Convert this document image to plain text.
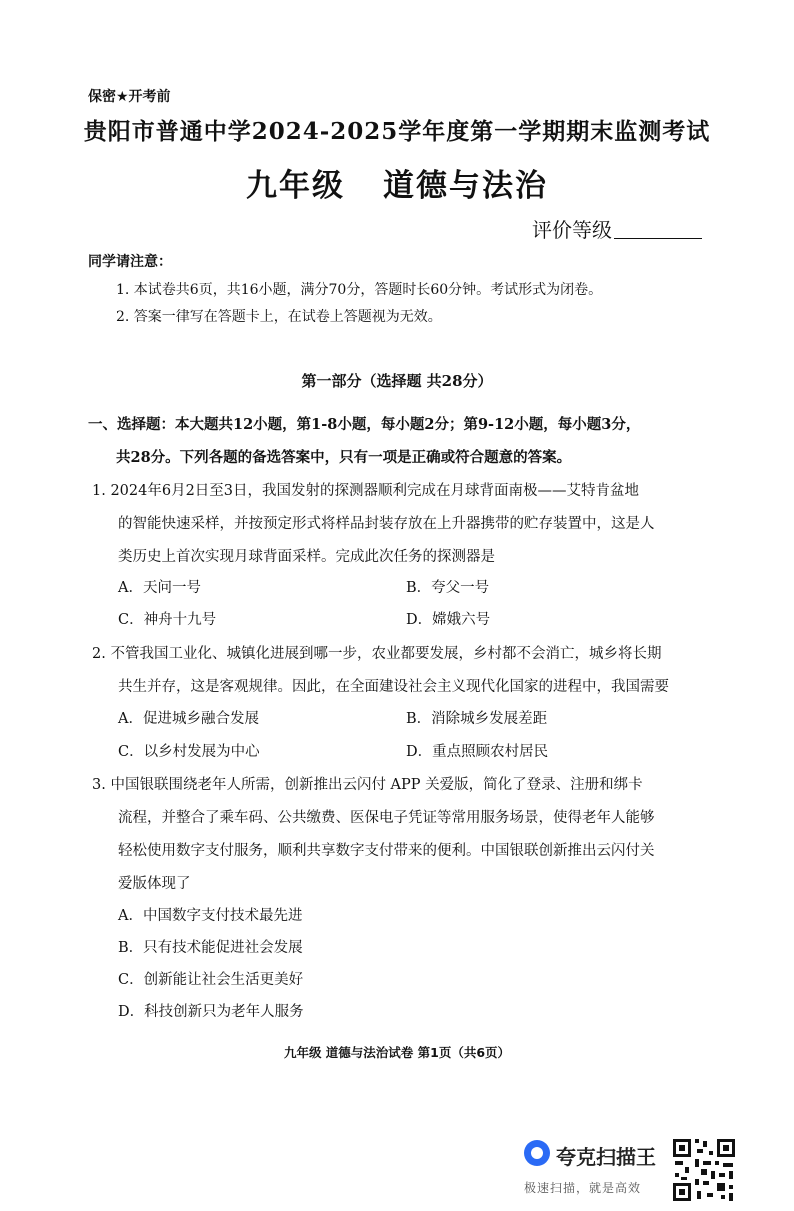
保密★开考前
贵阳市普通中学2024-2025学年度第一学期期末监测考试
九年级 道德与法治
评价等级
同学请注意：
1. 本试卷共6页，共16小题，满分70分，答题时长60分钟。考试形式为闭卷。
2. 答案一律写在答题卡上，在试卷上答题视为无效。
第一部分（选择题 共28分）
一、选择题：本大题共12小题，第1-8小题，每小题2分；第9-12小题，每小题3分，
共28分。下列各题的备选答案中，只有一项是正确或符合题意的答案。
1. 2024年6月2日至3日，我国发射的探测器顺利完成在月球背面南极——艾特肯盆地
的智能快速采样，并按预定形式将样品封装存放在上升器携带的贮存装置中，这是人
类历史上首次实现月球背面采样。完成此次任务的探测器是
A．天问一号	B．夸父一号
C．神舟十九号	D．嫦娥六号
2. 不管我国工业化、城镇化进展到哪一步，农业都要发展，乡村都不会消亡，城乡将长期
共生并存，这是客观规律。因此，在全面建设社会主义现代化国家的进程中，我国需要
A．促进城乡融合发展	B．消除城乡发展差距
C．以乡村发展为中心	D．重点照顾农村居民
3. 中国银联围绕老年人所需，创新推出云闪付 APP 关爱版，简化了登录、注册和绑卡
流程，并整合了乘车码、公共缴费、医保电子凭证等常用服务场景，使得老年人能够
轻松使用数字支付服务，顺利共享数字支付带来的便利。中国银联创新推出云闪付关
爱版体现了
A．中国数字支付技术最先进
B．只有技术能促进社会发展
C．创新能让社会生活更美好
D．科技创新只为老年人服务
九年级 道德与法治试卷 第1页（共6页）
夸克扫描王
极速扫描，就是高效
